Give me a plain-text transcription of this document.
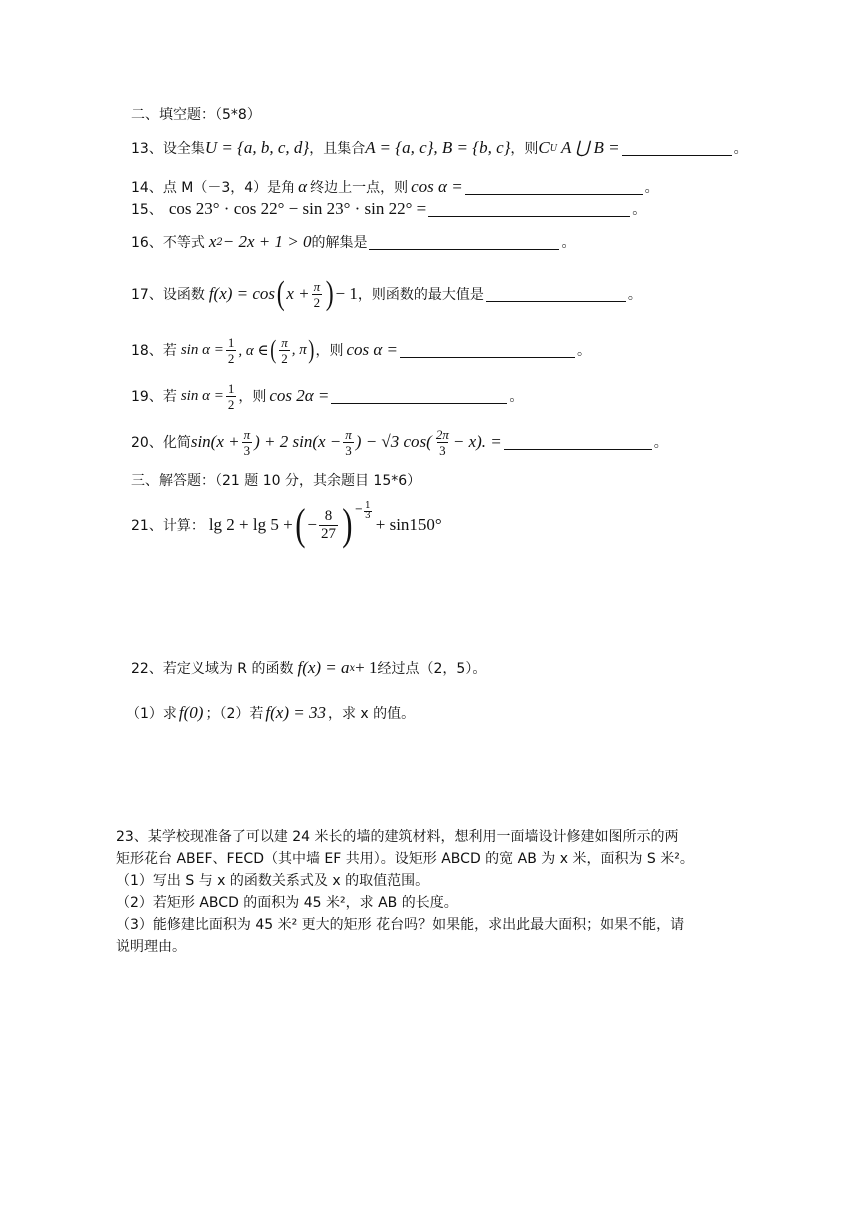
二、填空题：（5*8）
13、 设全集 U = {a, b, c, d} ，且集合 A = {a, c}, B = {b, c} ，则 C U A ⋃ B =	。
14、 点 M（－3，4）是角 α 终边上一点，则 cos α =	。
15、 cos 23° · cos 22° − sin 23° · sin 22° =	。
16、 不等式 x 2 − 2x + 1 > 0 的解集是	。
17、 设函数 f(x) = cos ( $x + \frac{\pi}{2}$ ) − 1 ，则函数的最大值是	。
18、 若 $\sin \alpha = \frac{1}{2}$ , α ∈ ( $\frac{\pi}{2}$ , π ) ，则 cos α =	。
19、 若 $\sin \alpha = \frac{1}{2}$ ，则 cos 2α =	。
20、 化简 $\sin(x + \frac{\pi}{3}$ ) + 2 $\sin(x - \frac{\pi}{3}$ ) − √3 $\cos( \frac{2\pi}{3} - x)$. =	。
三、解答题：（21 题 10 分，其余题目 15*6）
21、 计算： lg 2 + lg 5 + ( − $\frac{8}{27}$ ) − $\frac{1}{3}$
+ sin150°
22、 若定义域为 R 的函数 f(x) = a x + 1 经过点（2，5）。
（1）求 f(0) ；（2）若 f(x) = 33 ，求 x 的值。
23、某学校现准备了可以建 24 米长的墙的建筑材料，想利用一面墙设计修建如图所示的两
矩形花台 ABEF、FECD（其中墙 EF 共用）。设矩形 ABCD 的宽 AB 为 x 米，面积为 S 米²。
（1）写出 S 与 x 的函数关系式及 x 的取值范围。
（2）若矩形 ABCD 的面积为 45 米²，求 AB 的长度。
（3）能修建比面积为 45 米² 更大的矩形 花台吗？如果能，求出此最大面积；如果不能，请
说明理由。
